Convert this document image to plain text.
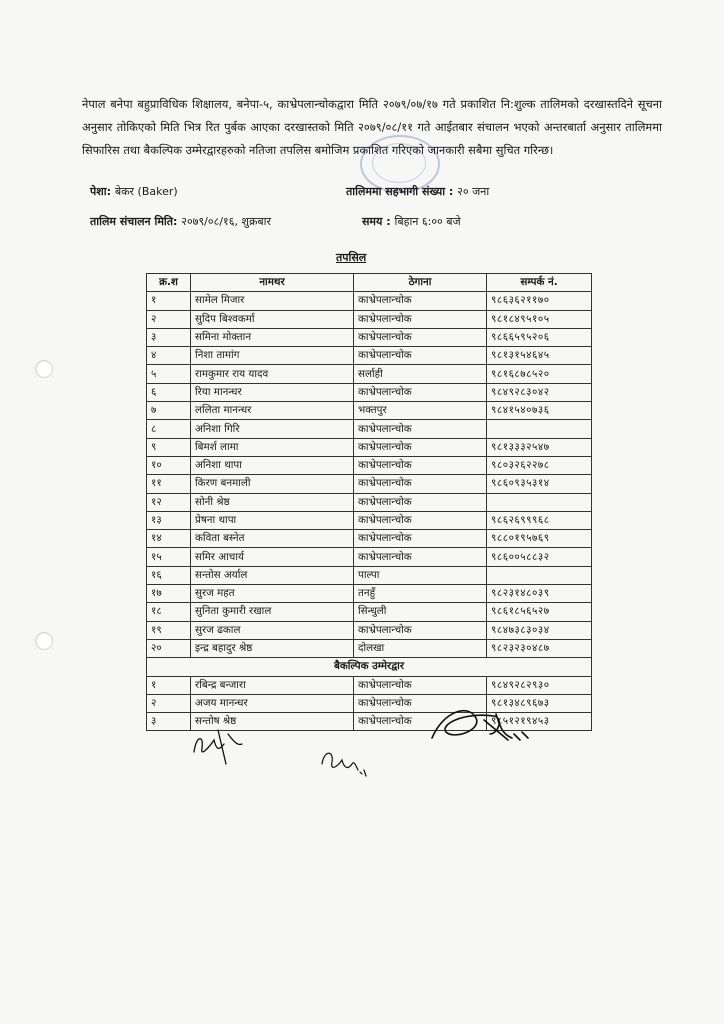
नेपाल बनेपा बहुप्राविधिक शिक्षालय, बनेपा-५, काभ्रेपलान्चोकद्वारा मिति २०७९/०७/१७ गते प्रकाशित नि:शुल्क तालिमको दरखास्तदिने सूचना अनुसार तोकिएको मिति भित्र रित पुर्बक आएका दरखास्तको मिति २०७९/०८/११ गते आईतबार संचालन भएको अन्तरबार्ता अनुसार तालिममा सिफारिस तथा बैकल्पिक उम्मेरद्वारहरुको नतिजा तपलिस बमोजिम प्रकाशित गरिएको जानकारी सबैमा सुचित गरिन्छ।

पेशा: बेकर (Baker)	तालिममा सहभागी संख्या : २० जना
तालिम संचालन मिति: २०७९/०८/१६, शुक्रबार	समय : बिहान ६:०० बजे
तपसिल
क्र.श	नामथर	ठेगाना	सम्पर्क नं.
१	सामेल मिजार	काभ्रेपलान्चोक	९८६३६२११७०
२	सुदिप बिश्वकर्मा	काभ्रेपलान्चोक	९८१८४९५१०५
३	समिना मोक्तान	काभ्रेपलान्चोक	९८६६५९५२०६
४	निशा तामांग	काभ्रेपलान्चोक	९८१३१५४६४५
५	रामकुमार राय यादव	सर्लाही	९८१६८७८५२०
६	रिया मानन्धर	काभ्रेपलान्चोक	९८४९२८३०४२
७	ललिता मानन्धर	भक्तपुर	९८४१५४०७३६
८	अनिशा गिरि	काभ्रेपलान्चोक	
९	बिमर्श लामा	काभ्रेपलान्चोक	९८१३३३२५४७
१०	अनिशा थापा	काभ्रेपलान्चोक	९८०३२६२२७८
११	किरण बनमाली	काभ्रेपलान्चोक	९८६०९३५३१४
१२	सोनी श्रेष्ठ	काभ्रेपलान्चोक	
१३	प्रेषना थापा	काभ्रेपलान्चोक	९८६२६९९९६८
१४	कविता बस्नेत	काभ्रेपलान्चोक	९८८०१९५७६९
१५	समिर आचार्य	काभ्रेपलान्चोक	९८६००५८८३२
१६	सन्तोस अर्याल	पाल्पा	
१७	सुरज महत	तनहुँ	९८२३१४८०३९
१८	सुनिता कुमारी रखाल	सिन्धुली	९८६१८५६५२७
१९	सुरज ढकाल	काभ्रेपलान्चोक	९८४७३८३०३४
२०	इन्द्र बहादुर श्रेष्ठ	दोलखा	९८२३२३०४८७
बैकल्पिक उम्मेरद्वार			
१	रबिन्द्र बन्जारा	काभ्रेपलान्चोक	९८४९२८२९३०
२	अजय मानन्धर	काभ्रेपलान्चोक	९८१३४८९६७३
३	सन्तोष श्रेष्ठ	काभ्रेपलान्चोक	९८५१२१९४५३
